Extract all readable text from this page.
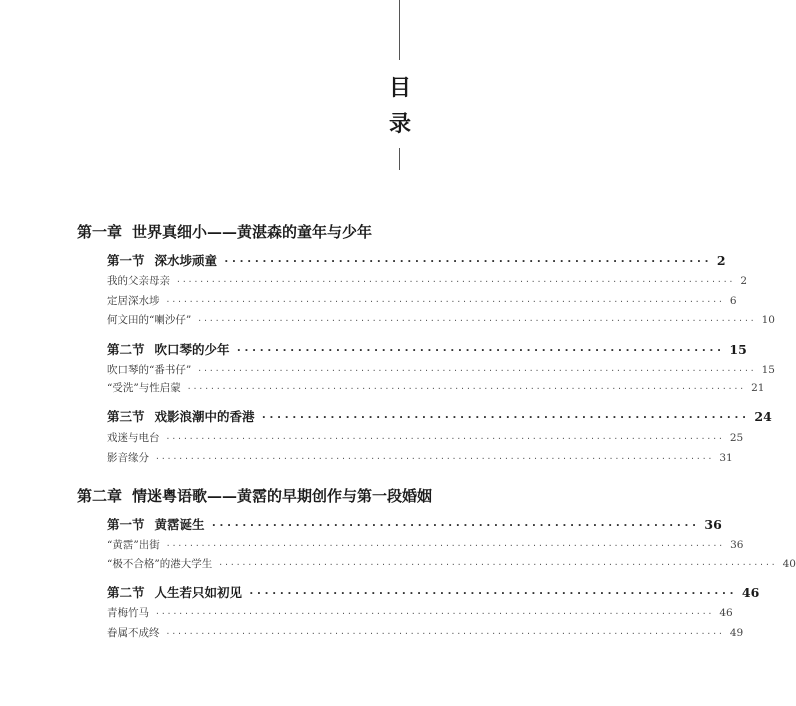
目
录
第一章 世界真细小——黄湛森的童年与少年
第一节 深水埗顽童 ································································ 2
我的父亲母亲 ································································································ 2
定居深水埗 ································································································ 6
何文田的“喇沙仔” ································································································ 10
第二节 吹口琴的少年 ································································ 15
吹口琴的“番书仔” ································································································ 15
“受洗”与性启蒙 ································································································ 21
第三节 戏影浪潮中的香港 ································································ 24
戏迷与电台 ································································································ 25
影音缘分 ································································································ 31
第二章 情迷粤语歌——黄霑的早期创作与第一段婚姻
第一节 黄霑诞生 ································································ 36
“黄霑”出街 ································································································ 36
“极不合格”的港大学生 ································································································ 40
第二节 人生若只如初见 ································································ 46
青梅竹马 ································································································ 46
眷属不成终 ································································································ 49
